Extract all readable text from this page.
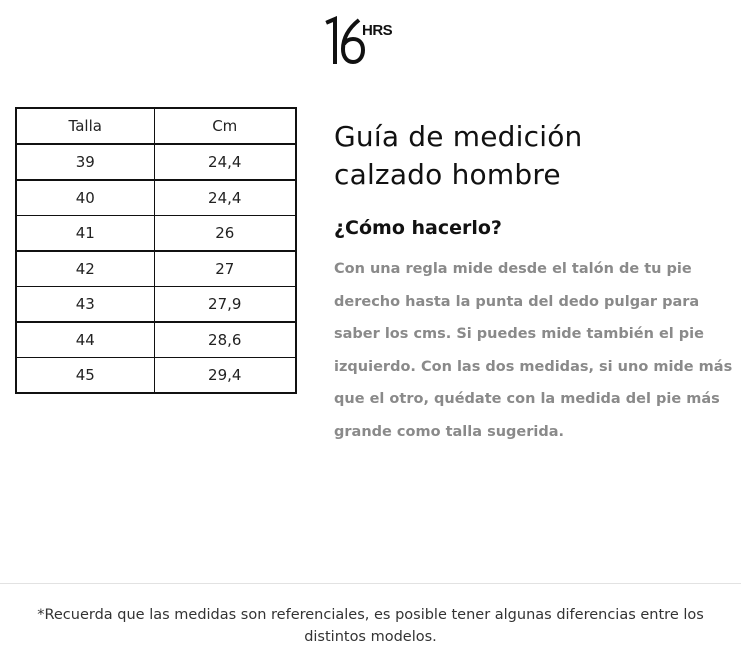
HRS
Talla	Cm
39	24,4
40	24,4
41	26
42	27
43	27,9
44	28,6
45	29,4
Guía de medición
calzado hombre
¿Cómo hacerlo?

Con una regla mide desde el talón de tu pie
derecho hasta la punta del dedo pulgar para
saber los cms. Si puedes mide también el pie
izquierdo. Con las dos medidas, si uno mide más
que el otro, quédate con la medida del pie más
grande como talla sugerida.

*Recuerda que las medidas son referenciales, es posible tener algunas diferencias entre los
distintos modelos.
